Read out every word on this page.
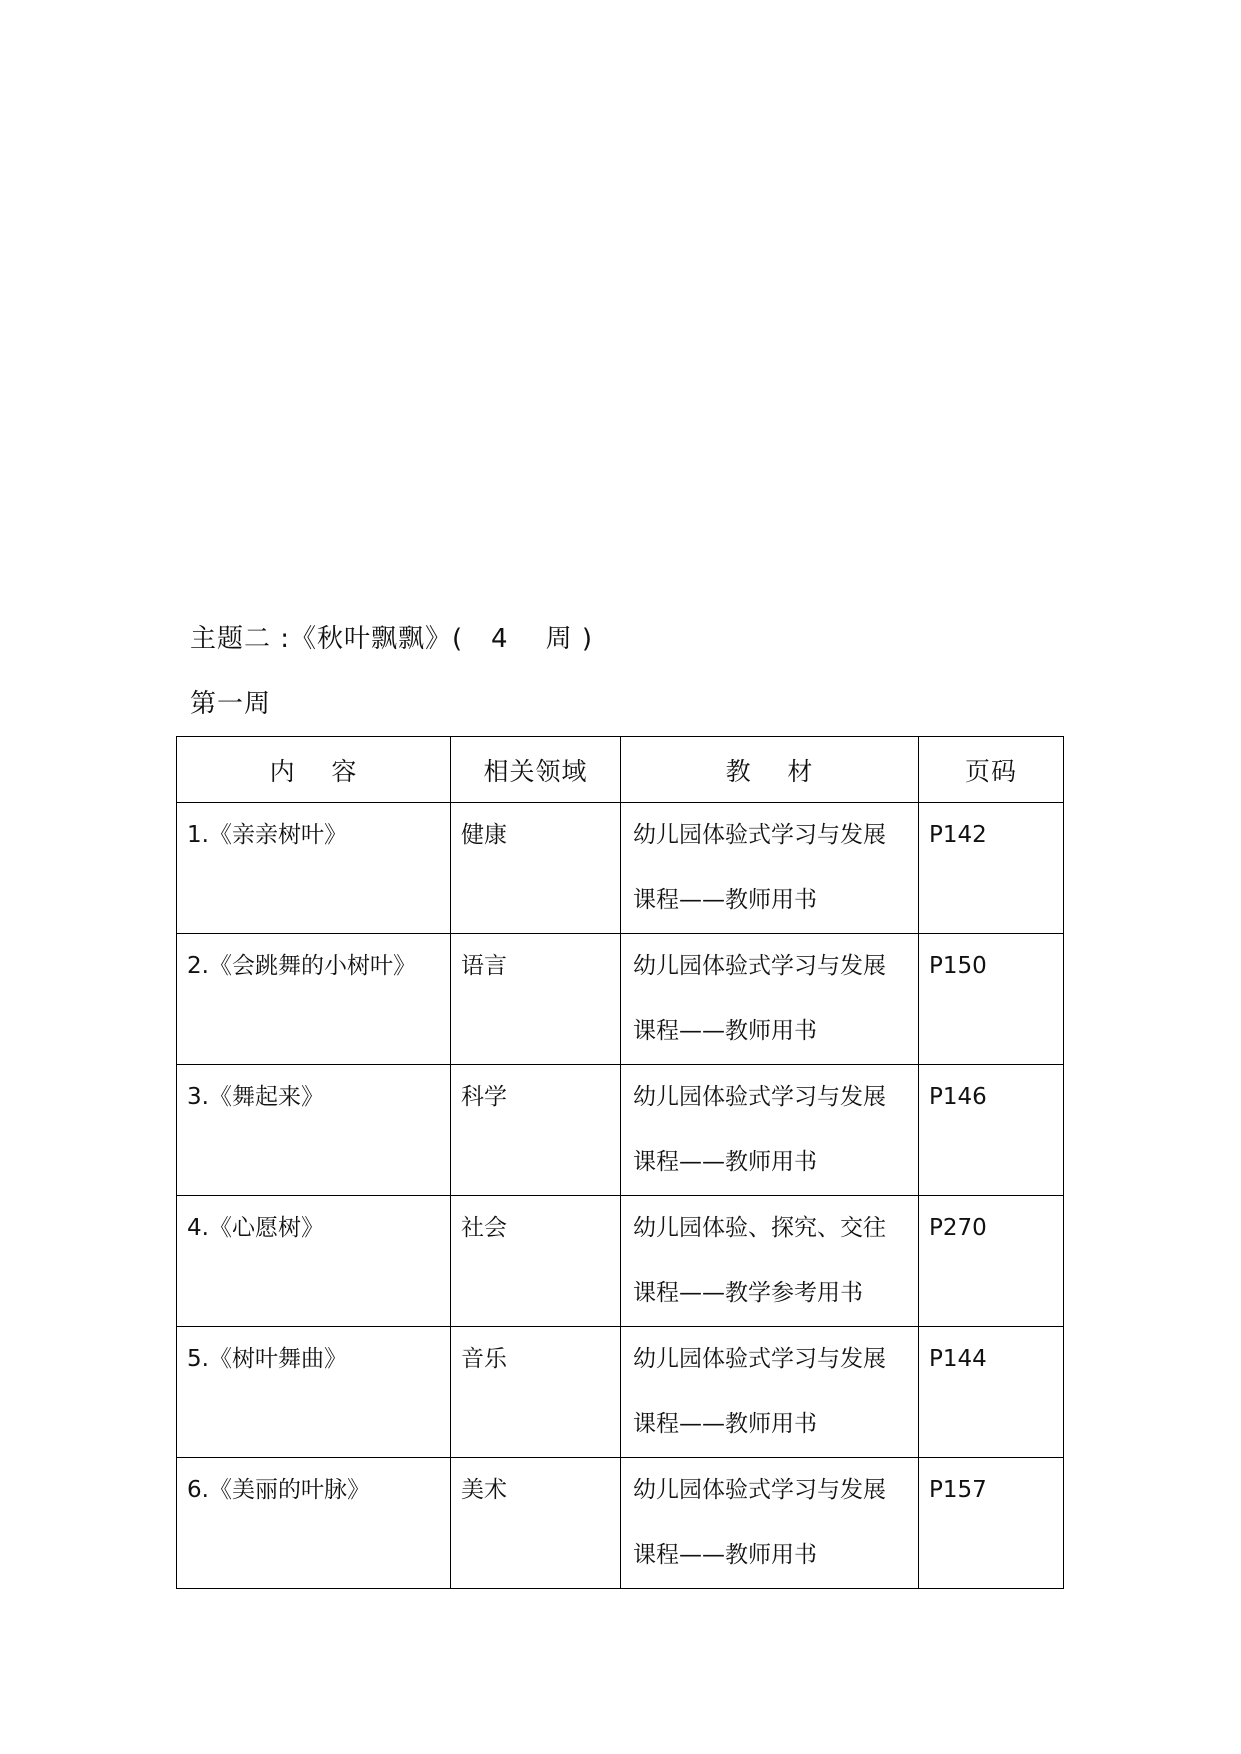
主题二 :《秋叶飘飘》(   4    周 )
第一周
内    容	相关领域	教    材	页码

1.《亲亲树叶》	健康	幼儿园体验式学习与发展
课程——教师用书	P142

2.《会跳舞的小树叶》	语言	幼儿园体验式学习与发展
课程——教师用书	P150

3.《舞起来》	科学	幼儿园体验式学习与发展
课程——教师用书	P146

4.《心愿树》	社会	幼儿园体验、探究、交往
课程——教学参考用书	P270

5.《树叶舞曲》	音乐	幼儿园体验式学习与发展
课程——教师用书	P144

6.《美丽的叶脉》	美术	幼儿园体验式学习与发展
课程——教师用书	P157
